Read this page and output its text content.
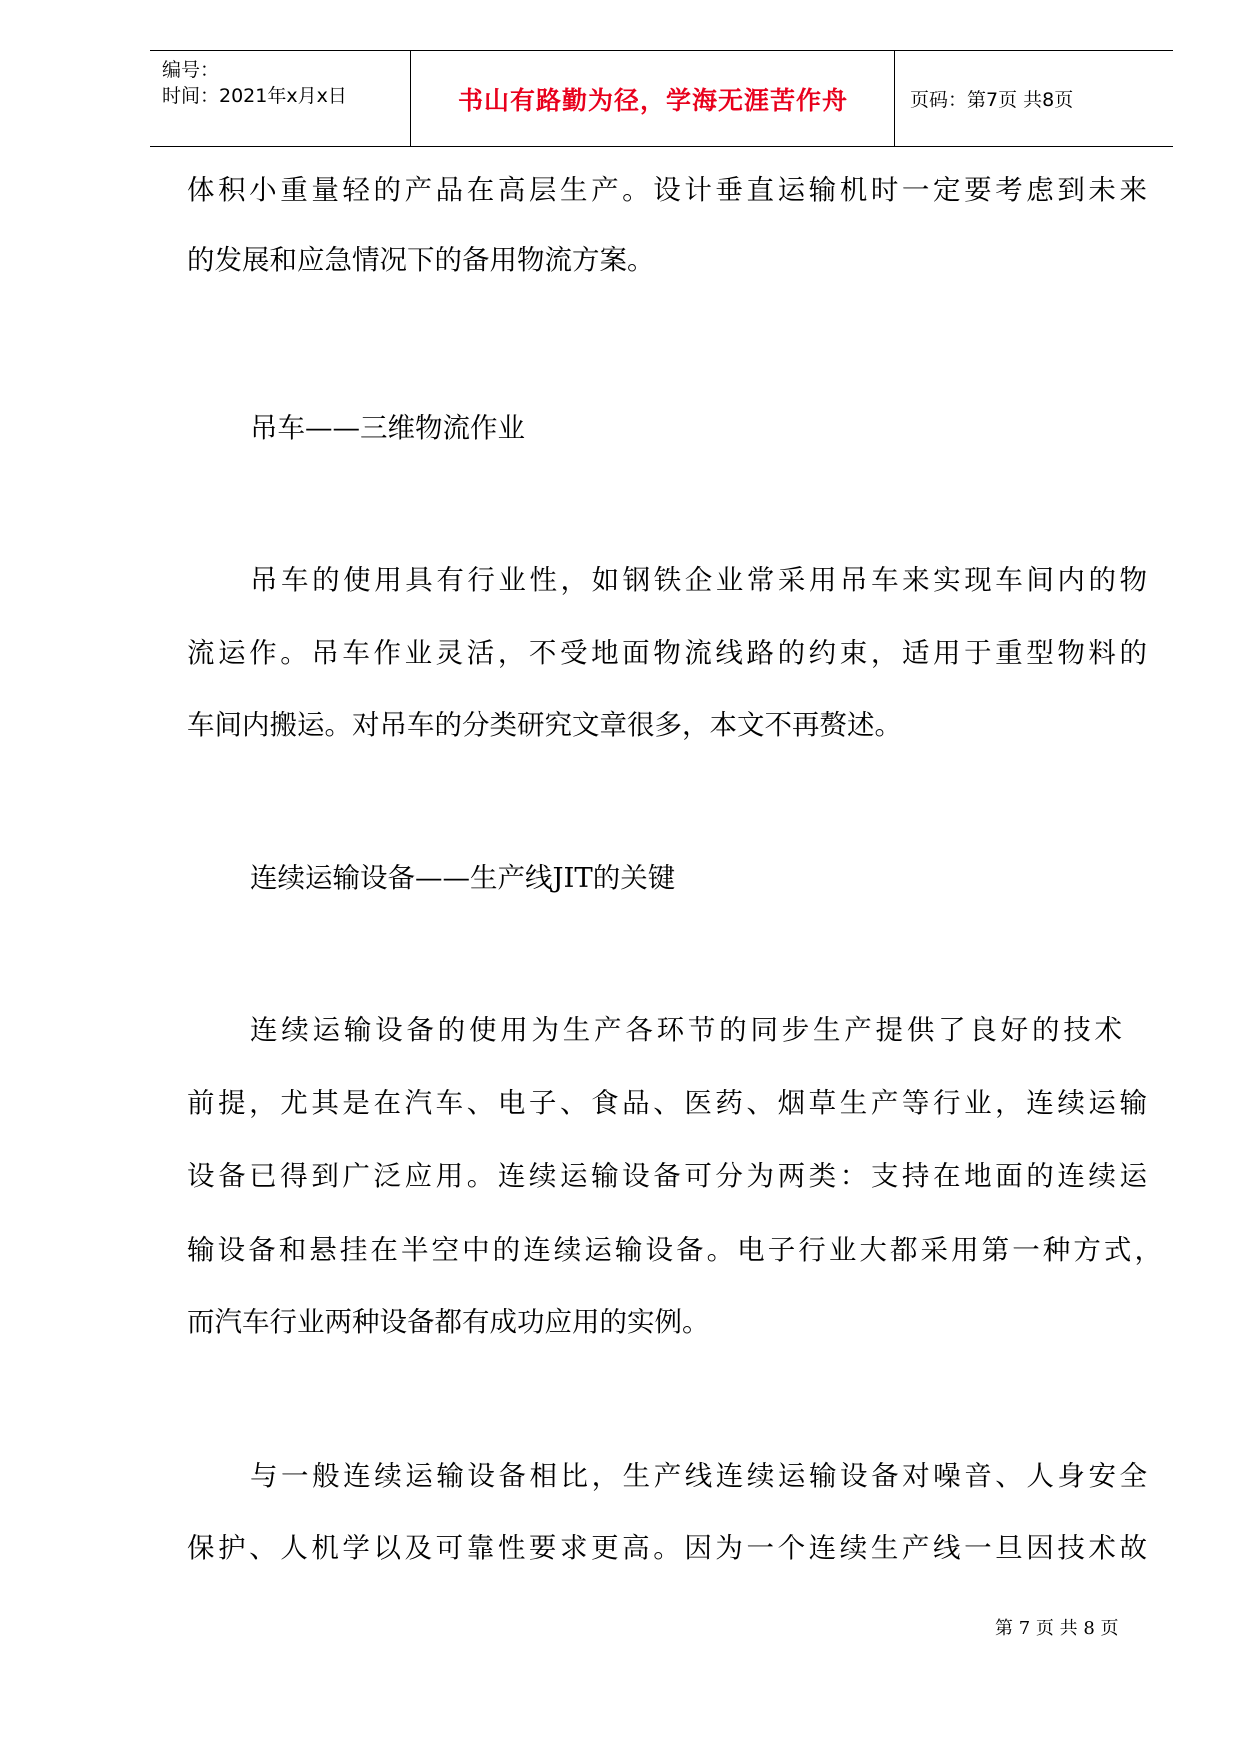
编号：
时间：2021年x月x日	书山有路勤为径，学海无涯苦作舟	页码：第7页 共8页
体积小重量轻的产品在高层生产。设计垂直运输机时一定要考虑到未来
的发展和应急情况下的备用物流方案。
吊车——三维物流作业
吊车的使用具有行业性，如钢铁企业常采用吊车来实现车间内的物
流运作。吊车作业灵活，不受地面物流线路的约束，适用于重型物料的
车间内搬运。对吊车的分类研究文章很多，本文不再赘述。
连续运输设备——生产线JIT的关键
连续运输设备的使用为生产各环节的同步生产提供了良好的技术
前提，尤其是在汽车、电子、食品、医药、烟草生产等行业，连续运输
设备已得到广泛应用。连续运输设备可分为两类：支持在地面的连续运
输设备和悬挂在半空中的连续运输设备。电子行业大都采用第一种方式，
而汽车行业两种设备都有成功应用的实例。
与一般连续运输设备相比，生产线连续运输设备对噪音、人身安全
保护、人机学以及可靠性要求更高。因为一个连续生产线一旦因技术故
第 7 页 共 8 页
